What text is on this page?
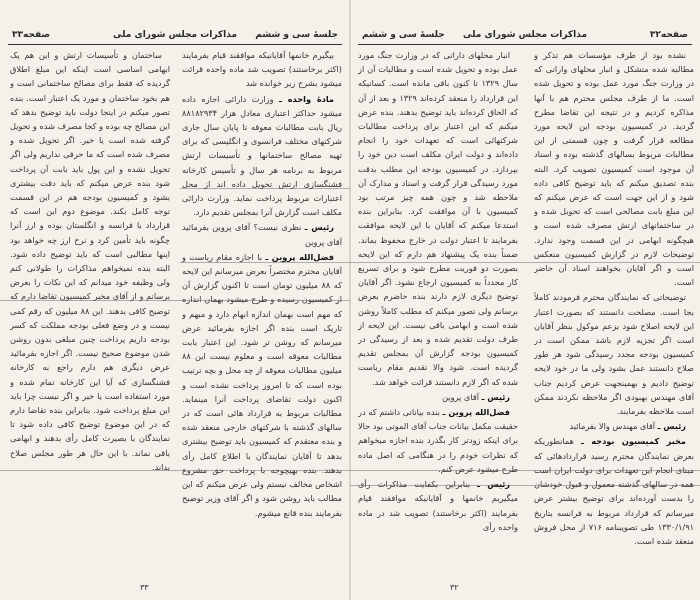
جلسهٔ سی و ششم
مذاکرات مجلس شورای ملی
صفحه۳۳

بیگیرم خانمها آقایانیکه موافقند قیام بفرمایند (اکثر برخاستند) تصویب شد ماده واحده قرائت میشود بشرح زیر خوانده شد

مادهٔ واحده ـ وزارت دارائی اجازه داده میشود حداکثر اعتباری معادل هزار ۸۸۱۸۲۹۳۴ ریال بابت مطالبات معوقه تا پایان سال جاری شرکتهای مختلف فرانسوی و انگلیسی که برای تهیه مصالح ساختمانها و تأسیسات ارتش مربوط به برنامه هر سال و تأسیس کارخانه فشنگسازی ارتش تحویل داده اند از محل اعتبارات مربوط پرداخت نماید. وزارت دارائی مکلف است گزارش آنرا بمجلس تقدیم دارد.

رئیس ـ نظری نیست؟ آقای پروین بفرمائید آقای پروین

فضل‌الله پروین ـ با اجازه مقام ریاست و آقایان محترم مختصراً بعرض میرسانم این لایحه که ۸۸ میلیون تومان است تا اکنون گزارش آن از کمیسیون رسیده و طرح میشود بهمان اندازه که مهم است بهمان اندازه ابهام دارد و مبهم و تاریک است بنده اگر اجازه بفرمائید عرض میرسانم که روشن تر شود. این اعتبار بابت مطالبات معوقه است و معلوم نیست این ۸۸ میلیون مطالبات معوقه از چه محل و بچه ترتیب بوده است که تا امروز پرداخت نشده است و اکنون دولت تقاضای پرداخت آنرا مینماید. مطالبات مربوط به قرارداد هائی است که در سالهای گذشته با شرکتهای خارجی منعقد شده و بنده معتقدم که کمیسیون باید توضیح بیشتری بدهد تا آقایان نمایندگان با اطلاع کامل رأی بدهند. بنده بهیچوجه با پرداخت حق مشروع اشخاص مخالف نیستم ولی عرض میکنم که این مطالب باید روشن شود و اگر آقای وزیر توضیح بفرمایند بنده قانع میشوم.

ساختمان و تأسیسات ارتش و این هم یک ابهامی اساسی است اینکه این مبلغ اطلاق گردیده که فقط برای مصالح ساختمانی است و هم بخود ساختمان و مورد یک اعتبار است. بنده تصور میکنم در اینجا دولت باید توضیح بدهد که این مصالح چه بوده و کجا مصرف شده و تحویل گرفته شده است یا خیر. اگر تحویل شده و مصرف شده است که ما حرفی نداریم ولی اگر تحویل نشده و این پول باید بابت آن پرداخت شود بنده عرض میکنم که باید دقت بیشتری بشود و کمیسیون بودجه هم در این قسمت توجه کامل بکند. موضوع دوم این است که قرارداد با فرانسه و انگلستان بوده و ارز آنرا چگونه باید تأمین کرد و نرخ ارز چه خواهد بود اینها مطالبی است که باید توضیح داده شود. البته بنده نمیخواهم مذاکرات را طولانی کنم ولی وظیفه خود میدانم که این نکات را بعرض برسانم و از آقای مخبر کمیسیون تقاضا دارم که توضیح کافی بدهند. این ۸۸ میلیون که رقم کمی نیست و در وضع فعلی بودجه مملکت که کسر بودجه داریم پرداخت چنین مبلغی بدون روشن شدن موضوع صحیح نیست. اگر اجازه بفرمائید عرض دیگری هم دارم راجع به کارخانه فشنگسازی که آیا این کارخانه تمام شده و مورد استفاده است یا خیر و اگر نیست چرا باید این مبلغ پرداخت شود. بنابراین بنده تقاضا دارم که در این موضوع توضیح کافی داده شود تا نمایندگان با بصیرت کامل رأی بدهند و ابهامی باقی نماند. با این حال هر طور مجلس صلاح بداند.

۳۳
صفحه۳۲
مذاکرات مجلس شورای ملی
جلسهٔ سی و ششم

نشده بود از طرف مؤسسات هم تذکر و مطالبه شده متشکل و انبار محلهای وارانی که در وزارت جنگ مورد عمل بوده و تحویل شده است. ما از طرف مجلس محترم هم با آنها مذاکره کردیم و در نتیجه این تقاضا مطرح گردید. در کمیسیون بودجه این لایحه مورد مطالعه قرار گرفت و چون قسمتی از این مطالبات مربوط بسالهای گذشته بوده و اسناد آن موجود است کمیسیون تصویب کرد. البته بنده تصدیق میکنم که باید توضیح کافی داده شود و از این جهت است که عرض میکنم که این مبلغ بابت مصالحی است که تحویل شده و در ساختمانهای ارتش مصرف شده است و هیچگونه ابهامی در این قسمت وجود ندارد. توضیحات لازم در گزارش کمیسیون منعکس است و اگر آقایان بخواهند اسناد آن حاضر است.

توضیحاتی که نمایندگان محترم فرمودند کاملاً بجا است. مصلحت دانستند که بصورت اعتبار این لایحه اصلاح شود بزعم موکول بنظر آقایان است اگر تجزیه لازم باشد ممکن است در کمیسیون بودجه مجدد رسیدگی شود هر طور صلاح دانستند عمل بشود ولی ما در خود لایحه توضیح دادیم و بهمینجهت عرض کردیم جناب آقای مهندس بهبودی اگر ملاحظه نکردند ممکن است ملاحظه بفرمایند.

رئیس ـ آقای مهندس والا بفرمائید

مخبر کمیسیون بودجه ـ همانطوریکه بعرض نمایندگان محترم رسید قراردادهائی که مبنای انجام این تعهدات برای دولت ایران است همه در سالهای گذشته معمول و قبول خودشان را بدست آورده‌اند برای توضیح بیشتر عرض میرسانم که قرارداد مربوط به فرانسه بتاریخ ۱۳۳۰/۱/۹۱ طی تصویبنامه ۷۱۶ از محل فروش منعقد شده است.

انبار محلهای داراتی که در وزارت جنگ مورد عمل بوده و تحویل شده است و مطالبات آن از سال ۱۳۲۹ تا کنون باقی مانده است. کسانیکه این قرارداد را منعقد کرده‌اند ۱۳۲۹ و بعد از آن که الحاق کرده‌اند باید توضیح بدهند. بنده عرض میکنم که این اعتبار برای پرداخت مطالبات شرکتهائی است که تعهدات خود را انجام داده‌اند و دولت ایران مکلف است دین خود را بپردازد. در کمیسیون بودجه این مطلب بدقت مورد رسیدگی قرار گرفت و اسناد و مدارک آن ملاحظه شد و چون همه چیز مرتب بود کمیسیون با آن موافقت کرد. بنابراین بنده استدعا میکنم که آقایان با این لایحه موافقت بفرمایند تا اعتبار دولت در خارج محفوظ بماند. ضمناً بنده یک پیشنهاد هم دارم که این لایحه بصورت دو فوریت مطرح شود و برای تسریع کار مجدداً به کمیسیون ارجاع نشود. اگر آقایان توضیح دیگری لازم دارند بنده حاضرم بعرض برسانم ولی تصور میکنم که مطلب کاملاً روشن شده است و ابهامی باقی نیست. این لایحه از طرف دولت تقدیم شده و بعد از رسیدگی در کمیسیون بودجه گزارش آن بمجلس تقدیم گردیده است. شود والا تقدیم مقام ریاست شده که اگر لازم دانستند قرائت خواهد شد.

رئیس ـ آقای پروین

فضل‌الله پروین ـ بنده بیاناتی داشتم که در حقیقت مکمل بیانات جناب آقای الموتی بود حالا برای اینکه زودتر کار بگذرد بنده اجازه میخواهم که نظرات خودم را در هنگامی که اصل ماده طرح میشود عرض کنم.

رئیس ـ بنابراین بکفایت مذاکرات رأی میگیریم خانمها و آقایانیکه موافقند قیام بفرمایند (اکثر برخاستند) تصویب شد در ماده واحده رأی

۳۲
